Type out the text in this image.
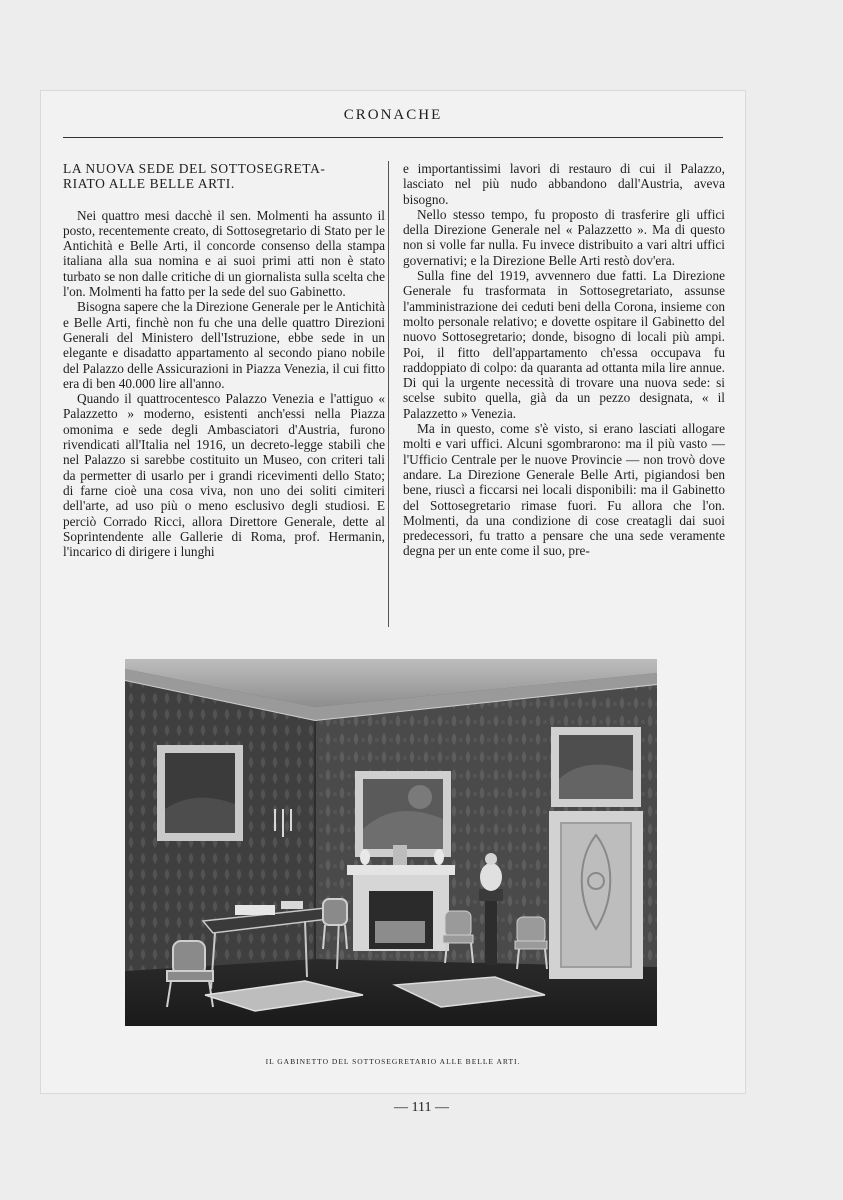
CRONACHE
LA NUOVA SEDE DEL SOTTOSEGRETA-
RIATO ALLE BELLE ARTI.

Nei quattro mesi dacchè il sen. Molmenti ha assunto il posto, recentemente creato, di Sottosegretario di Stato per le Antichità e Belle Arti, il concorde consenso della stampa italiana alla sua nomina e ai suoi primi atti non è stato turbato se non dalle critiche di un giornalista sulla scelta che l'on. Molmenti ha fatto per la sede del suo Gabinetto.

Bisogna sapere che la Direzione Generale per le Antichità e Belle Arti, finchè non fu che una delle quattro Direzioni Generali del Ministero dell'Istruzione, ebbe sede in un elegante e disadatto appartamento al secondo piano nobile del Palazzo delle Assicurazioni in Piazza Venezia, il cui fitto era di ben 40.000 lire all'anno.

Quando il quattrocentesco Palazzo Venezia e l'attiguo « Palazzetto » moderno, esistenti anch'essi nella Piazza omonima e sede degli Ambasciatori d'Austria, furono rivendicati all'Italia nel 1916, un decreto-legge stabilì che nel Palazzo si sarebbe costituito un Museo, con criteri tali da permetter di usarlo per i grandi ricevimenti dello Stato; di farne cioè una cosa viva, non uno dei soliti cimiteri dell'arte, ad uso più o meno esclusivo degli studiosi. E perciò Corrado Ricci, allora Direttore Generale, dette al Soprintendente alle Gallerie di Roma, prof. Hermanin, l'incarico di dirigere i lunghi

e importantissimi lavori di restauro di cui il Palazzo, lasciato nel più nudo abbandono dall'Austria, aveva bisogno.

Nello stesso tempo, fu proposto di trasferire gli uffici della Direzione Generale nel « Palazzetto ». Ma di questo non si volle far nulla. Fu invece distribuito a vari altri uffici governativi; e la Direzione Belle Arti restò dov'era.

Sulla fine del 1919, avvennero due fatti. La Direzione Generale fu trasformata in Sottosegretariato, assunse l'amministrazione dei ceduti beni della Corona, insieme con molto personale relativo; e dovette ospitare il Gabinetto del nuovo Sottosegretario; donde, bisogno di locali più ampi. Poi, il fitto dell'appartamento ch'essa occupava fu raddoppiato di colpo: da quaranta ad ottanta mila lire annue. Di qui la urgente necessità di trovare una nuova sede: si scelse subito quella, già da un pezzo designata, « il Palazzetto » Venezia.

Ma in questo, come s'è visto, si erano lasciati allogare molti e vari uffici. Alcuni sgombrarono: ma il più vasto — l'Ufficio Centrale per le nuove Provincie — non trovò dove andare. La Direzione Generale Belle Arti, pigiandosi ben bene, riuscì a ficcarsi nei locali disponibili: ma il Gabinetto del Sottosegretario rimase fuori. Fu allora che l'on. Molmenti, da una condizione di cose creatagli dai suoi predecessori, fu tratto a pensare che una sede veramente degna per un ente come il suo, pre-

IL GABINETTO DEL SOTTOSEGRETARIO ALLE BELLE ARTI.
— 111 —
